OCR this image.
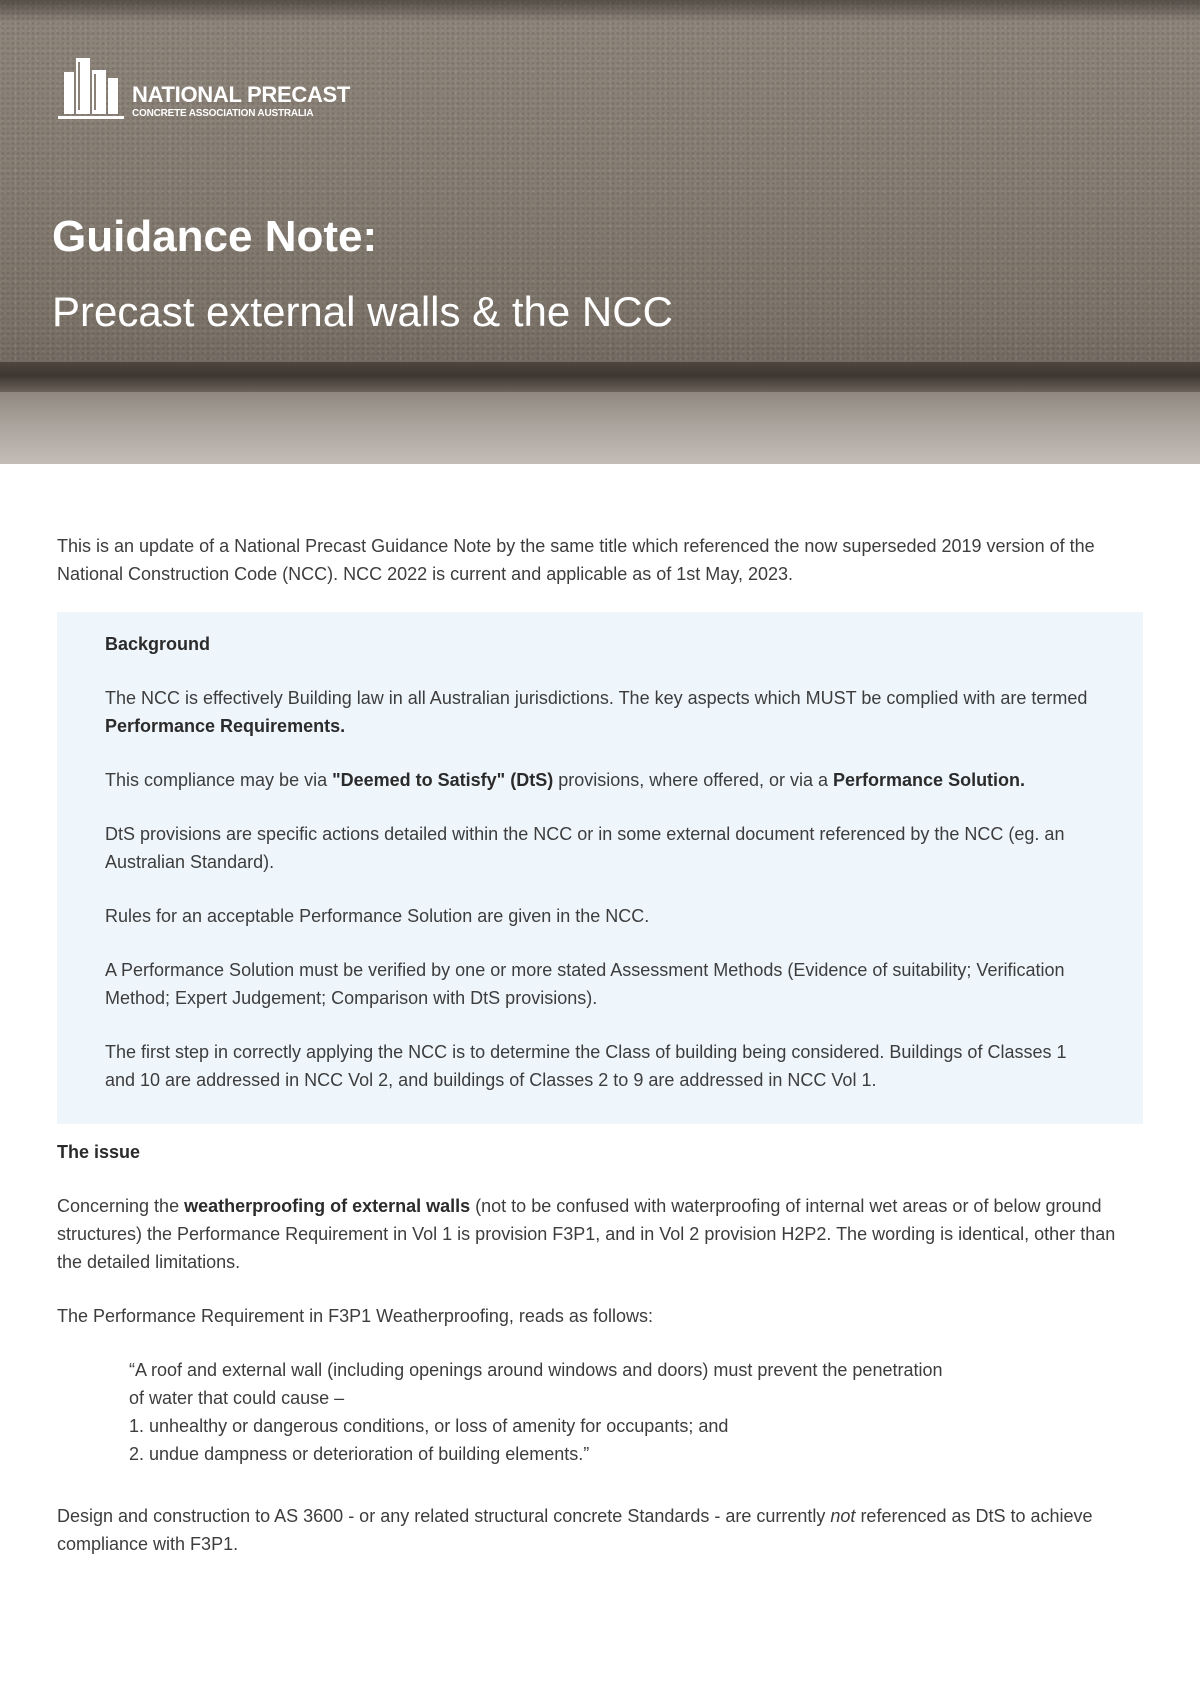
NATIONAL PRECAST
CONCRETE ASSOCIATION AUSTRALIA
Guidance Note:
Precast external walls & the NCC

This is an update of a National Precast Guidance Note by the same title which referenced the now superseded 2019 version of the National Construction Code (NCC). NCC 2022 is current and applicable as of 1st May, 2023.

Background

The NCC is effectively Building law in all Australian jurisdictions. The key aspects which MUST be complied with are termed Performance Requirements.

This compliance may be via "Deemed to Satisfy" (DtS) provisions, where offered, or via a Performance Solution.

DtS provisions are specific actions detailed within the NCC or in some external document referenced by the NCC (eg. an Australian Standard).

Rules for an acceptable Performance Solution are given in the NCC.

A Performance Solution must be verified by one or more stated Assessment Methods (Evidence of suitability; Verification Method; Expert Judgement; Comparison with DtS provisions).

The first step in correctly applying the NCC is to determine the Class of building being considered. Buildings of Classes 1 and 10 are addressed in NCC Vol 2, and buildings of Classes 2 to 9 are addressed in NCC Vol 1.

The issue

Concerning the weatherproofing of external walls (not to be confused with waterproofing of internal wet areas or of below ground structures) the Performance Requirement in Vol 1 is provision F3P1, and in Vol 2 provision H2P2. The wording is identical, other than the detailed limitations.

The Performance Requirement in F3P1 Weatherproofing, reads as follows:

“A roof and external wall (including openings around windows and doors) must prevent the penetration
of water that could cause –
1. unhealthy or dangerous conditions, or loss of amenity for occupants; and
2. undue dampness or deterioration of building elements.”

Design and construction to AS 3600 - or any related structural concrete Standards - are currently not referenced as DtS to achieve compliance with F3P1.
